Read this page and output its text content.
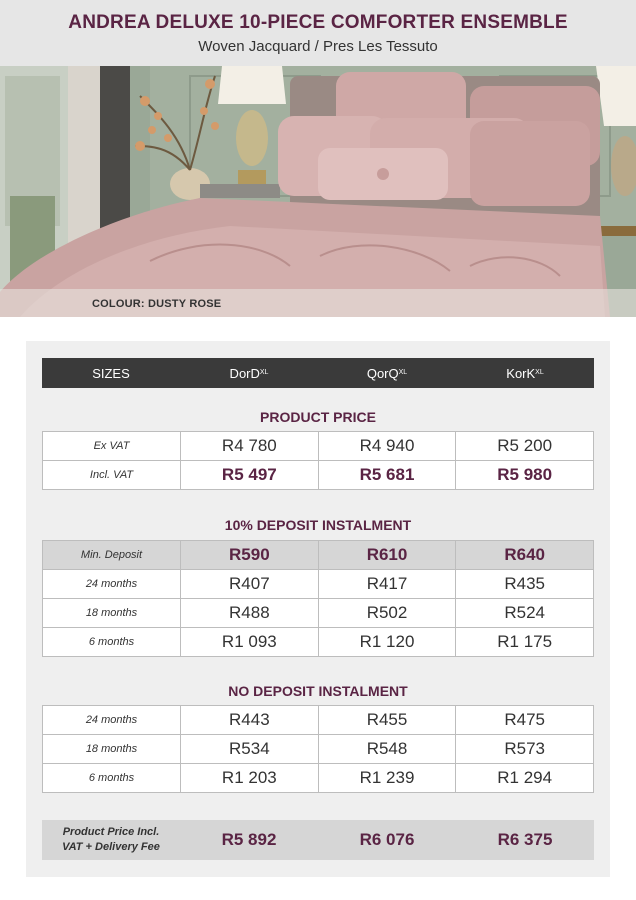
ANDREA DELUXE 10-PIECE COMFORTER ENSEMBLE
Woven Jacquard / Pres Les Tessuto
COLOUR: DUSTY ROSE
SIZES	D or D XL	Q or Q XL	K or K XL
PRODUCT PRICE
Ex VAT	R4 780	R4 940	R5 200
Incl. VAT	R5 497	R5 681	R5 980
10% DEPOSIT INSTALMENT
Min. Deposit	R590	R610	R640
24 months	R407	R417	R435
18 months	R488	R502	R524
6 months	R1 093	R1 120	R1 175
NO DEPOSIT INSTALMENT
24 months	R443	R455	R475
18 months	R534	R548	R573
6 months	R1 203	R1 239	R1 294
Product Price Incl.
VAT + Delivery Fee	R5 892	R6 076	R6 375
